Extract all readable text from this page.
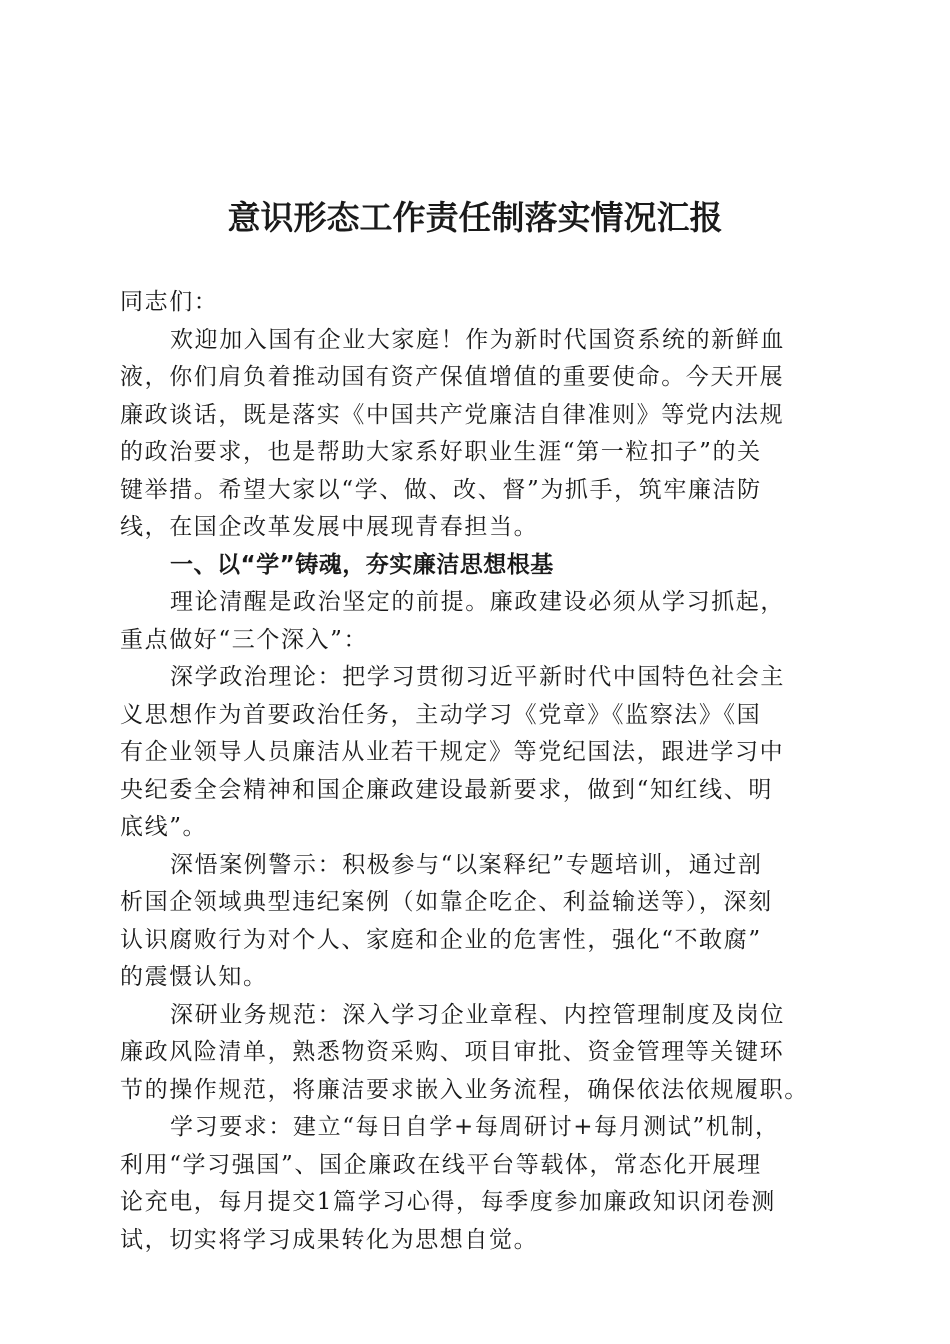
意识形态工作责任制落实情况汇报
同志们：
欢迎加入国有企业大家庭！作为新时代国资系统的新鲜血
液，你们肩负着推动国有资产保值增值的重要使命。今天开展
廉政谈话，既是落实《中国共产党廉洁自律准则》等党内法规
的政治要求，也是帮助大家系好职业生涯“第一粒扣子”的关
键举措。希望大家以“学、做、改、督”为抓手，筑牢廉洁防
线，在国企改革发展中展现青春担当。
一、以“学”铸魂，夯实廉洁思想根基
理论清醒是政治坚定的前提。廉政建设必须从学习抓起，
重点做好“三个深入”：
深学政治理论：把学习贯彻习近平新时代中国特色社会主
义思想作为首要政治任务，主动学习《党章》《监察法》《国
有企业领导人员廉洁从业若干规定》等党纪国法，跟进学习中
央纪委全会精神和国企廉政建设最新要求，做到“知红线、明
底线”。
深悟案例警示：积极参与“以案释纪”专题培训，通过剖
析国企领域典型违纪案例（如靠企吃企、利益输送等），深刻
认识腐败行为对个人、家庭和企业的危害性，强化“不敢腐”
的震慑认知。
深研业务规范：深入学习企业章程、内控管理制度及岗位
廉政风险清单，熟悉物资采购、项目审批、资金管理等关键环
节的操作规范，将廉洁要求嵌入业务流程，确保依法依规履职。
学习要求：建立“每日自学+每周研讨+每月测试”机制，
利用“学习强国”、国企廉政在线平台等载体，常态化开展理
论充电，每月提交1篇学习心得，每季度参加廉政知识闭卷测
试，切实将学习成果转化为思想自觉。
